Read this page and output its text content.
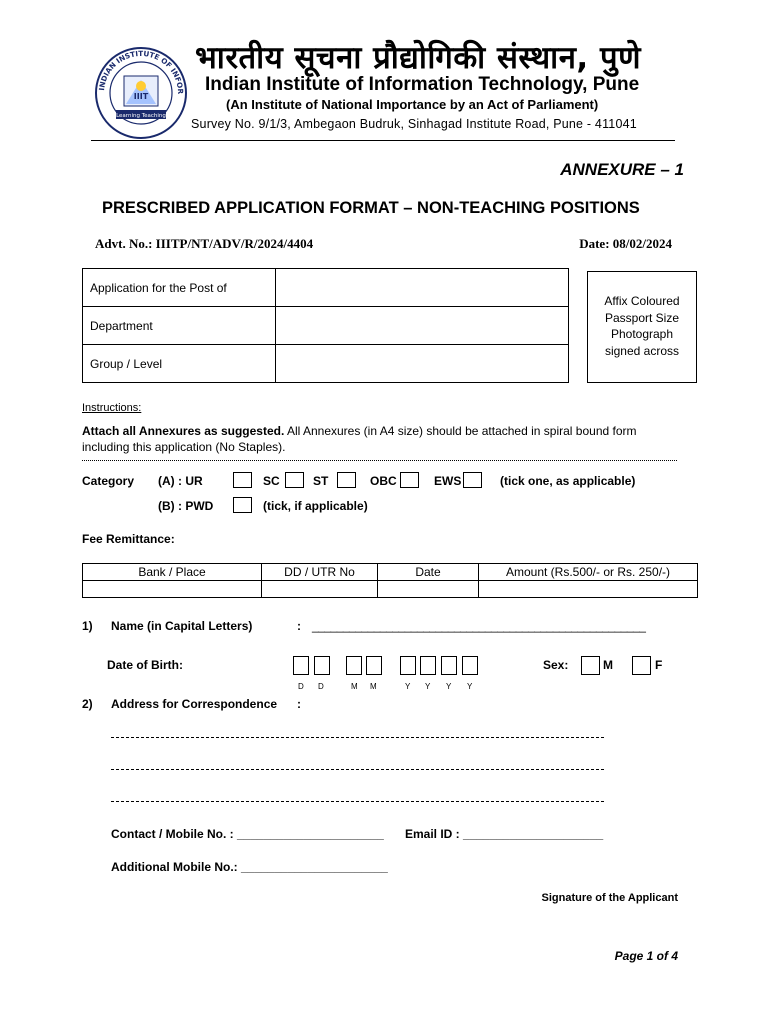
INDIAN INSTITUTE OF INFOR
IIIT
Learning Teaching
भारतीय सूचना प्रौद्योगिकी संस्थान, पुणे
Indian Institute of Information Technology, Pune
(An Institute of National Importance by an Act of Parliament)
Survey No. 9/1/3, Ambegaon Budruk, Sinhagad Institute Road, Pune - 411041
ANNEXURE – 1
PRESCRIBED APPLICATION FORMAT – NON-TEACHING POSITIONS
Advt. No.: IIITP/NT/ADV/R/2024/4404	Date: 08/02/2024
Application for the Post of	
Department	
Group / Level	
Affix Coloured
Passport Size
Photograph
signed across
Instructions:
Attach all Annexures as suggested. All Annexures (in A4 size) should be attached in spiral bound form including this application (No Staples).
Category (A) : UR	SC	ST	OBC	EWS	(tick one, as applicable)
(B) : PWD	(tick, if applicable)
Fee Remittance:
Bank / Place	DD / UTR No	Date	Amount (Rs.500/- or Rs. 250/-)

1) Name (in Capital Letters)	: ______________________________________________________
Date of Birth:
D D	M M	Y Y Y Y
Sex:	M	F
2) Address for Correspondence :
Contact / Mobile No. : ______________________ Email ID : _____________________
Additional Mobile No.: ______________________
Signature of the Applicant
Page 1 of 4
